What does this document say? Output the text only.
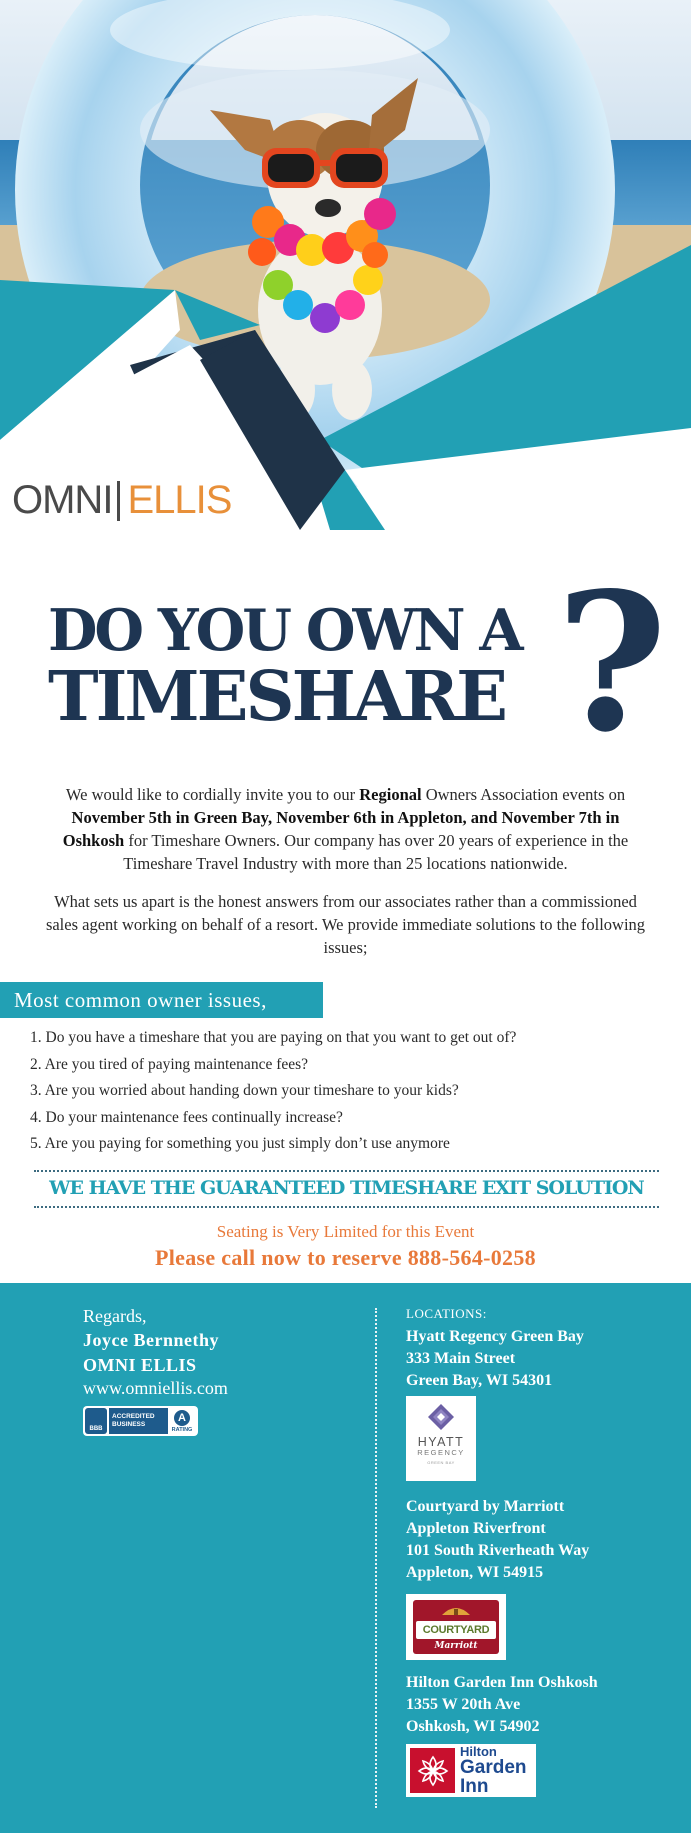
OMNI ELLIS
DO YOU OWN A
TIMESHARE ?

We would like to cordially invite you to our Regional Owners Association events on November 5th in Green Bay, November 6th in Appleton, and November 7th in Oshkosh for Timeshare Owners. Our company has over 20 years of experience in the Timeshare Travel Industry with more than 25 locations nationwide.

What sets us apart is the honest answers from our associates rather than a commissioned sales agent working on behalf of a resort. We provide immediate solutions to the following issues;

Most common owner issues,
1. Do you have a timeshare that you are paying on that you want to get out of?
2. Are you tired of paying maintenance fees?
3. Are you worried about handing down your timeshare to your kids?
4. Do your maintenance fees continually increase?
5. Are you paying for something you just simply don’t use anymore
WE HAVE THE GUARANTEED TIMESHARE EXIT SOLUTION
Seating is Very Limited for this Event
Please call now to reserve 888-564-0258
Regards,
Joyce Bernnethy
OMNI ELLIS
www.omniellis.com
BBB
ACCREDITED BUSINESS
A
RATING
LOCATIONS:
Hyatt Regency Green Bay
333 Main Street
Green Bay, WI 54301
HYATT
REGENCY
GREEN BAY
Courtyard by Marriott
Appleton Riverfront
101 South Riverheath Way
Appleton, WI 54915
COURTYARD
Marriott
Hilton Garden Inn Oshkosh
1355 W 20th Ave
Oshkosh, WI 54902
Hilton
Garden
Inn
